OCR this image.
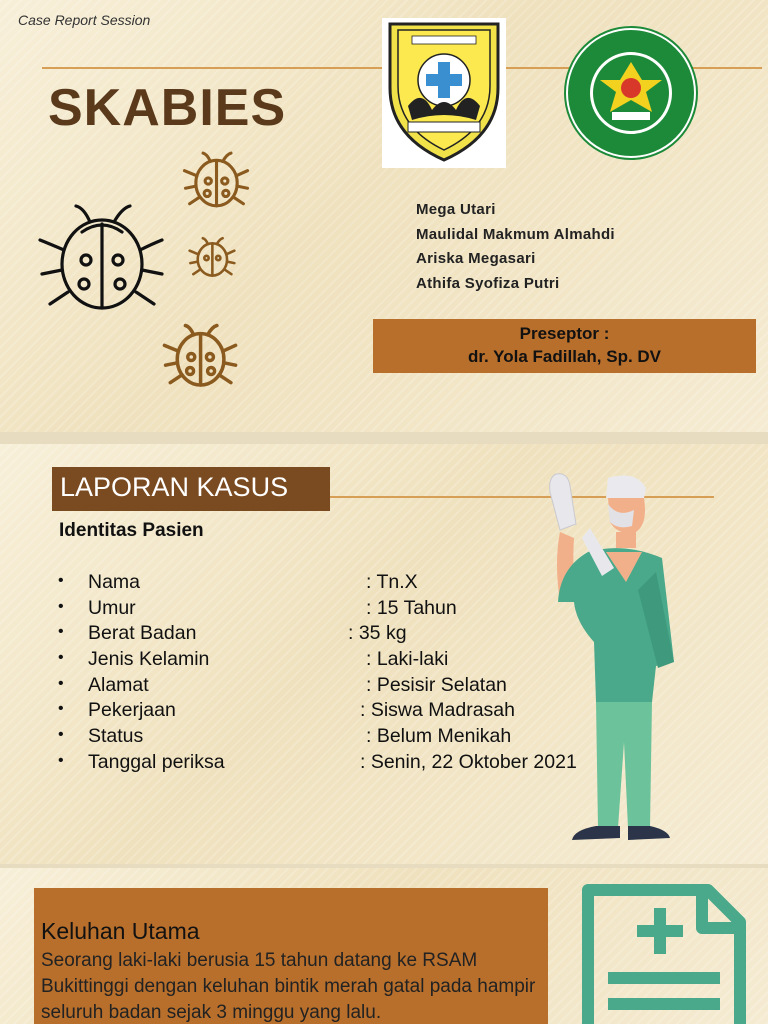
Case Report Session
SKABIES
Mega Utari
Maulidal Makmum Almahdi
Ariska Megasari
Athifa Syofiza Putri
Preseptor :
dr. Yola Fadillah, Sp. DV
LAPORAN KASUS
Identitas Pasien
• Nama	: Tn.X
• Umur	: 15 Tahun
• Berat Badan	: 35 kg
• Jenis Kelamin	: Laki-laki
• Alamat	: Pesisir Selatan
• Pekerjaan	: Siswa Madrasah
• Status	: Belum Menikah
• Tanggal periksa	: Senin, 22 Oktober 2021
Keluhan Utama
Seorang laki-laki berusia 15 tahun datang ke RSAM Bukittinggi dengan keluhan bintik merah gatal pada hampir seluruh badan sejak 3 minggu yang lalu.
